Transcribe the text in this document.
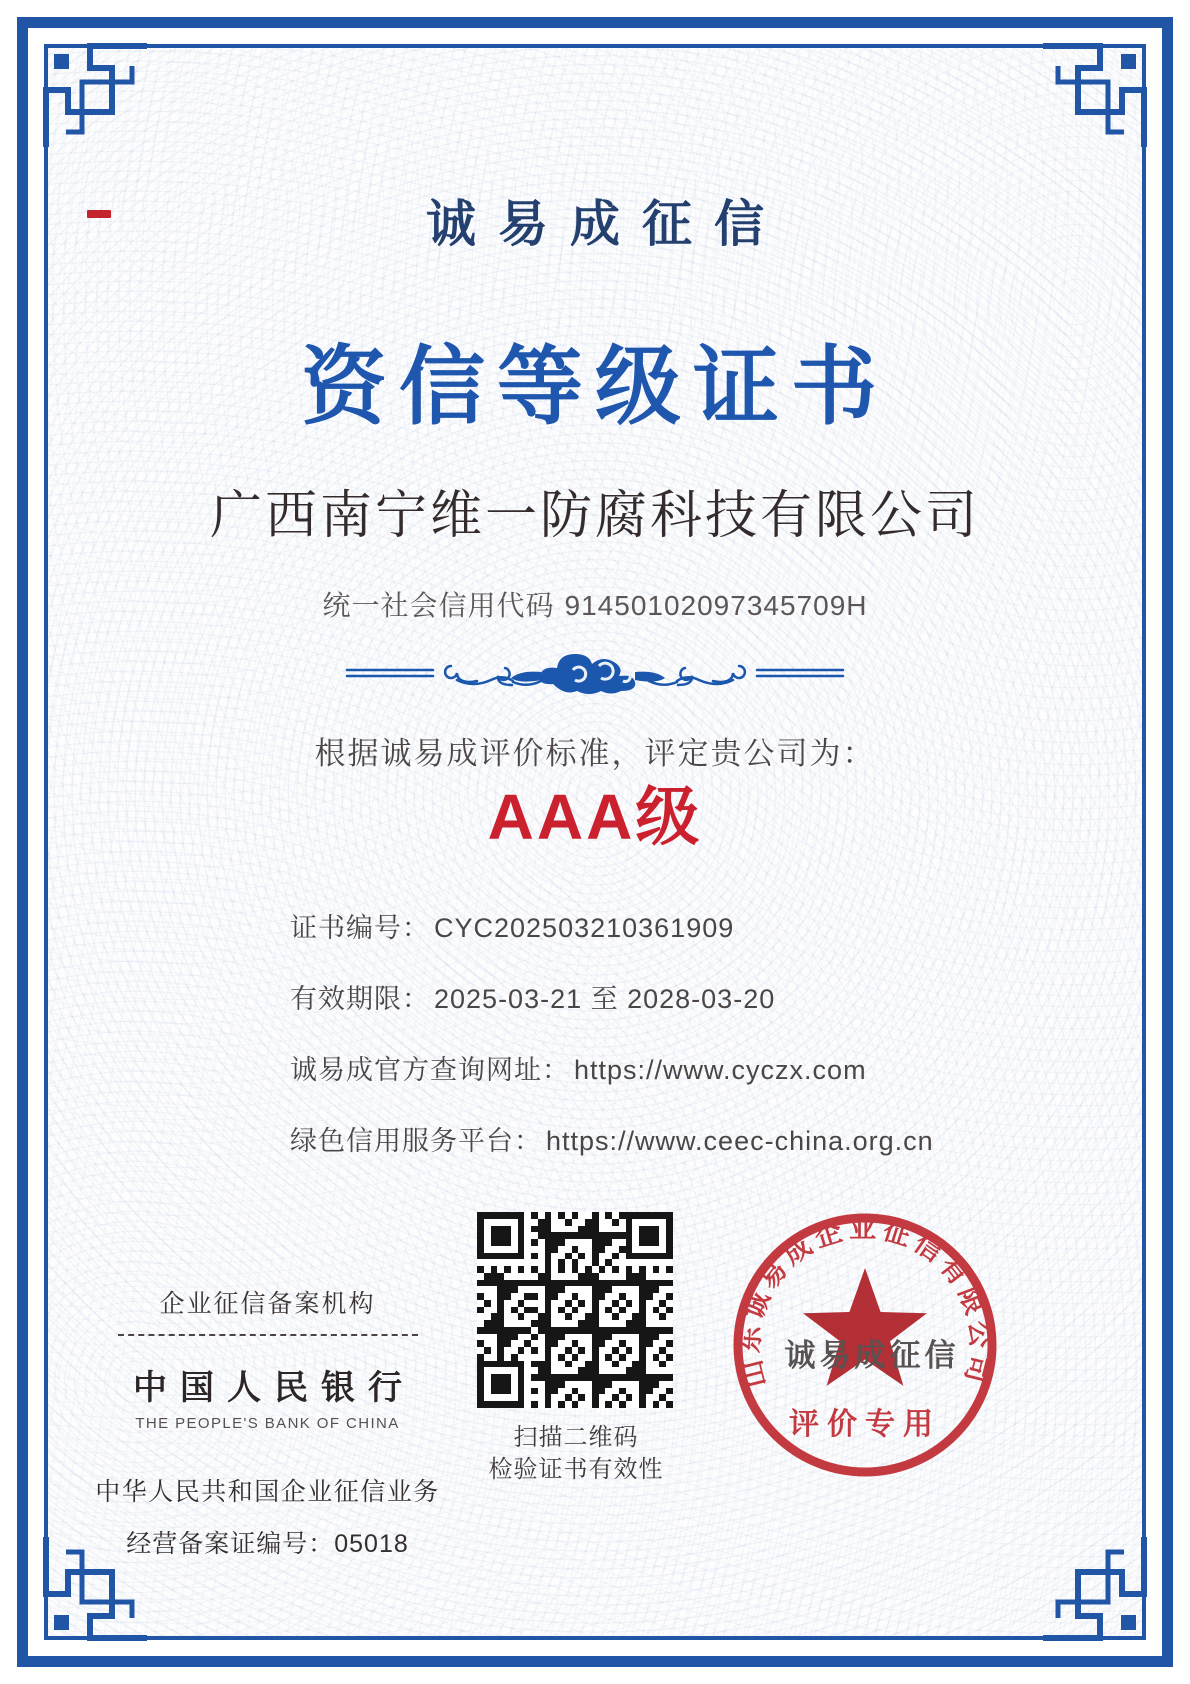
诚易成征信
资信等级证书
广西南宁维一防腐科技有限公司
统一社会信用代码 91450102097345709H
根据诚易成评价标准，评定贵公司为：
AAA级
证书编号： CYC202503210361909
有效期限： 2025-03-21 至 2028-03-20
诚易成官方查询网址： https://www.cyczx.com
绿色信用服务平台： https://www.ceec-china.org.cn
企业征信备案机构
中国人民银行
THE PEOPLE'S BANK OF CHINA
中华人民共和国企业征信业务
经营备案证编号：05018
扫描二维码
检验证书有效性
山东诚易成企业征信有限公司
诚易成征信
评价专用
